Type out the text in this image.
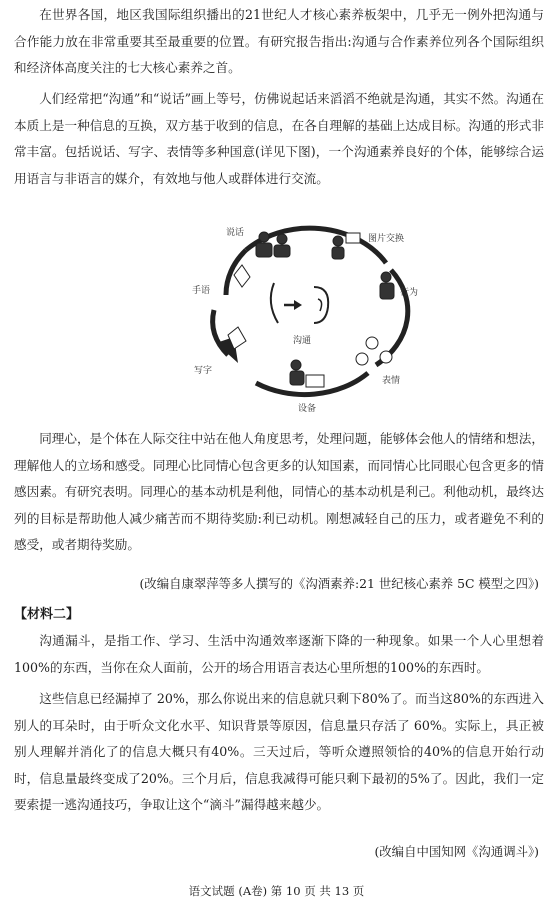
在世界各国，地区我国际组织播出的21世纪人才核心素养板架中，几乎无一例外把沟通与合作能力放在非常重要其至最重要的位置。有研究报告指出:沟通与合作素养位列各个国际组织和经济体高度关注的七大核心素养之首。

人们经常把“沟通”和“说话”画上等号，仿佛说起话来滔滔不绝就是沟通，其实不然。沟通在本质上是一种信息的互换，双方基于收到的信息，在各自理解的基础上达成目标。沟通的形式非常丰富。包括说话、写字、表情等多种国意(详见下图)，一个沟通素养良好的个体，能够综合运用语言与非语言的媒介，有效地与他人或群体进行交流。

沟通
说话
图片交换
行为
表情
设备
写字
手语

同理心，是个体在人际交往中站在他人角度思考，处理问题，能够体会他人的情绪和想法，理解他人的立场和感受。同理心比同情心包含更多的认知国素，而同情心比同眼心包含更多的情感因素。有研究表明。同理心的基本动机是利他，同情心的基本动机是利己。利他动机，最终达列的目标是帮助他人减少痛苦而不期待奖励:利已动机。刚想减轻自己的压力，或者避免不利的感受，或者期待奖励。

(改编自康翠萍等多人撰写的《沟酒素养:21 世纪核心素养 5C 模型之四》)
【材料二】

沟通漏斗，是指工作、学习、生活中沟通效率逐渐下降的一种现象。如果一个人心里想着100%的东西，当你在众人面前，公开的场合用语言表达心里所想的100%的东西时。

这些信息已经漏掉了 20%，那么你说出来的信息就只剩下80%了。而当这80%的东西进入别人的耳朵时，由于听众文化水平、知识背景等原因，信息量只存活了 60%。实际上，具正被别人理解并消化了的信息大概只有40%。三天过后，等听众遵照领恰的40%的信息开始行动时，信息量最终变成了20%。三个月后，信息我减得可能只剩下最初的5%了。因此，我们一定要索提一逃沟通技巧，争取让这个“滴斗”漏得越来越少。

(改编自中国知网《沟通调斗》)
语文试题 (A卷) 第 10 页 共 13 页
